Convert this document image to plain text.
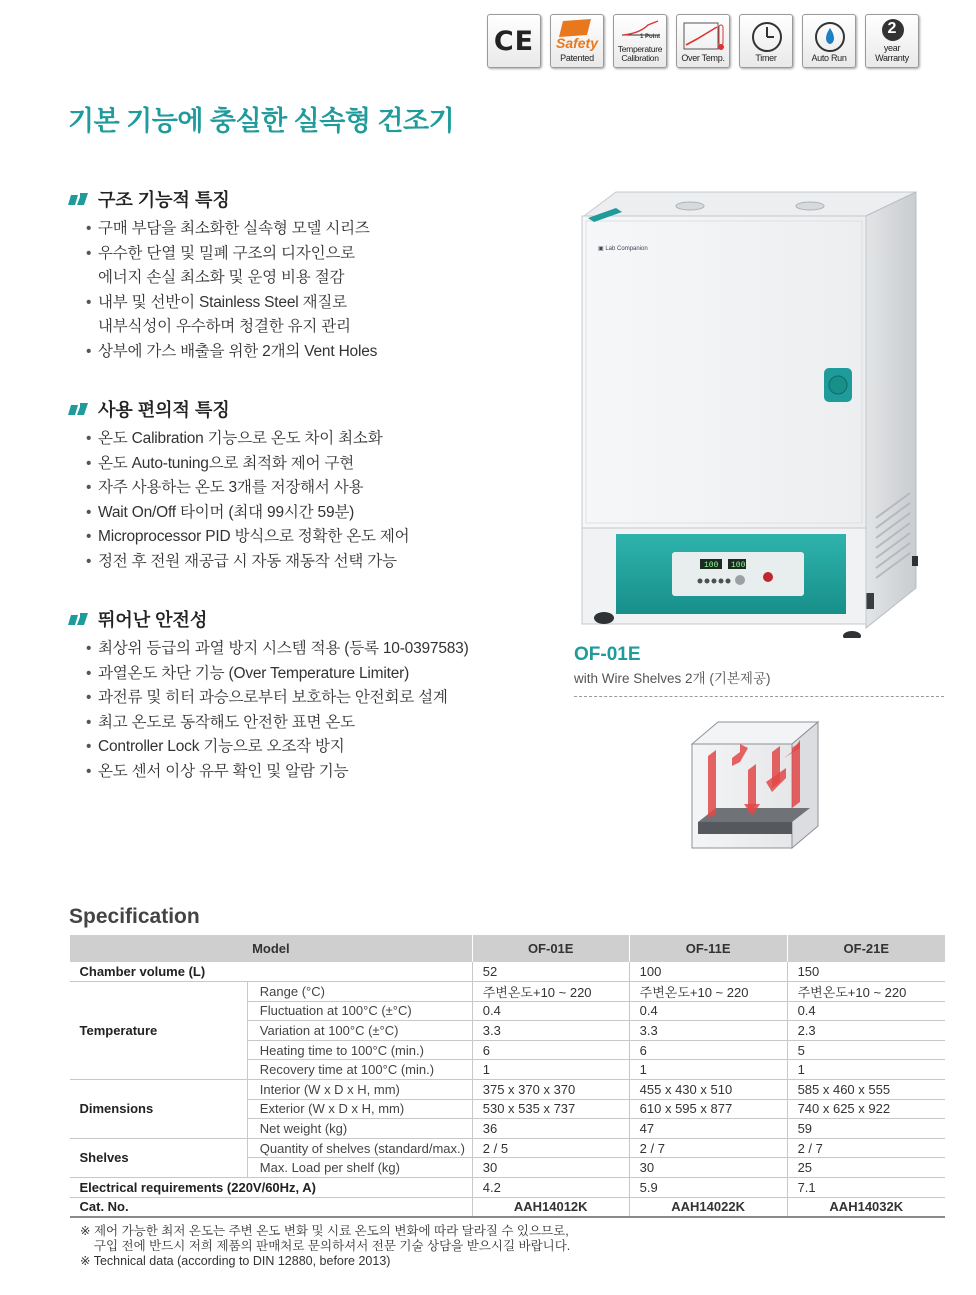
CE	Safety
Patented
1 Point
Temperature
Calibration	Over Temp.	Timer	Auto Run
2
year
Warranty
기본 기능에 충실한 실속형 건조기
구조 기능적 특징
• 구매 부담을 최소화한 실속형 모델 시리즈
• 우수한 단열 및 밀폐 구조의 디자인으로
에너지 손실 최소화 및 운영 비용 절감
• 내부 및 선반이 Stainless Steel 재질로
내부식성이 우수하며 청결한 유지 관리
• 상부에 가스 배출을 위한 2개의 Vent Holes
사용 편의적 특징
• 온도 Calibration 기능으로 온도 차이 최소화
• 온도 Auto-tuning으로 최적화 제어 구현
• 자주 사용하는 온도 3개를 저장해서 사용
• Wait On/Off 타이머 (최대 99시간 59분)
• Microprocessor PID 방식으로 정확한 온도 제어
• 정전 후 전원 재공급 시 자동 재동작 선택 가능
뛰어난 안전성
• 최상위 등급의 과열 방지 시스템 적용 (등록 10-0397583)
• 과열온도 차단 기능 (Over Temperature Limiter)
• 과전류 및 히터 과승으로부터 보호하는 안전회로 설계
• 최고 온도로 동작해도 안전한 표면 온도
• Controller Lock 기능으로 오조작 방지
• 온도 센서 이상 유무 확인 및 알람 기능
▣ Lab Companion
100 100
OF-01E
with Wire Shelves 2개 (기본제공)
Specification
Model		OF-01E	OF-11E	OF-21E
Chamber volume (L)		52	100	150
Temperature	Range (°C)	주변온도+10 ~ 220	주변온도+10 ~ 220	주변온도+10 ~ 220
	Fluctuation at 100°C (±°C)	0.4	0.4	0.4
	Variation at 100°C (±°C)	3.3	3.3	2.3
	Heating time to 100°C (min.)	6	6	5
	Recovery time at 100°C (min.)	1	1	1
Dimensions	Interior (W x D x H, mm)	375 x 370 x 370	455 x 430 x 510	585 x 460 x 555
	Exterior (W x D x H, mm)	530 x 535 x 737	610 x 595 x 877	740 x 625 x 922
	Net weight (kg)	36	47	59
Shelves	Quantity of shelves (standard/max.)	2 / 5	2 / 7	2 / 7
	Max. Load per shelf (kg)	30	30	25
Electrical requirements (220V/60Hz, A)		4.2	5.9	7.1
Cat. No.		AAH14012K	AAH14022K	AAH14032K
※ 제어 가능한 최저 온도는 주변 온도 변화 및 시료 온도의 변화에 따라 달라질 수 있으므로,
구입 전에 반드시 저희 제품의 판매처로 문의하셔서 전문 기술 상담을 받으시길 바랍니다.
※ Technical data (according to DIN 12880, before 2013)
